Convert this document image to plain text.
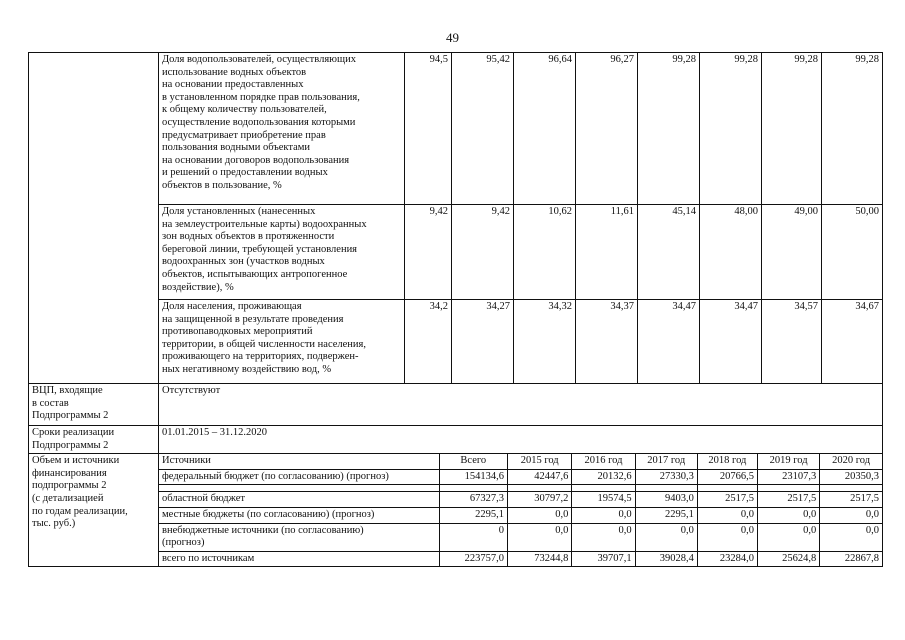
49
	Доля водопользователей, осуществляющих
использование водных объектов
на основании предоставленных
в установленном порядке прав пользования,
к общему количеству пользователей,
осуществление водопользования которыми
предусматривает приобретение прав
пользования водными объектами
на основании договоров водопользования
и решений о предоставлении водных
объектов в пользование, %	94,5	95,42	96,64	96,27	99,28	99,28	99,28	99,28
Доля установленных (нанесенных
на землеустроительные карты) водоохранных
зон водных объектов в протяженности
береговой линии, требующей установления
водоохранных зон (участков водных
объектов, испытывающих антропогенное
воздействие), %	9,42	9,42	10,62	11,61	45,14	48,00	49,00	50,00
Доля населения, проживающая
на защищенной в результате проведения
противопаводковых мероприятий
территории, в общей численности населения,
проживающего на территориях, подвержен-
ных негативному воздействию вод, %	34,2	34,27	34,32	34,37	34,47	34,47	34,57	34,67
ВЦП, входящие
в состав
Подпрограммы 2	Отсутствуют
Сроки реализации
Подпрограммы 2	01.01.2015 – 31.12.2020
Объем и источники
финансирования
подпрограммы 2
(с детализацией
по годам реализации,
тыс. руб.)	
Источники	Всего	2015 год	2016 год	2017 год	2018 год	2019 год	2020 год
федеральный бюджет (по согласованию) (прогноз)	154134,6	42447,6	20132,6	27330,3	20766,5	23107,3	20350,3

областной бюджет	67327,3	30797,2	19574,5	9403,0	2517,5	2517,5	2517,5
местные бюджеты (по согласованию) (прогноз)	2295,1	0,0	0,0	2295,1	0,0	0,0	0,0
внебюджетные источники (по согласованию)
(прогноз)	0	0,0	0,0	0,0	0,0	0,0	0,0
всего по источникам	223757,0	73244,8	39707,1	39028,4	23284,0	25624,8	22867,8
